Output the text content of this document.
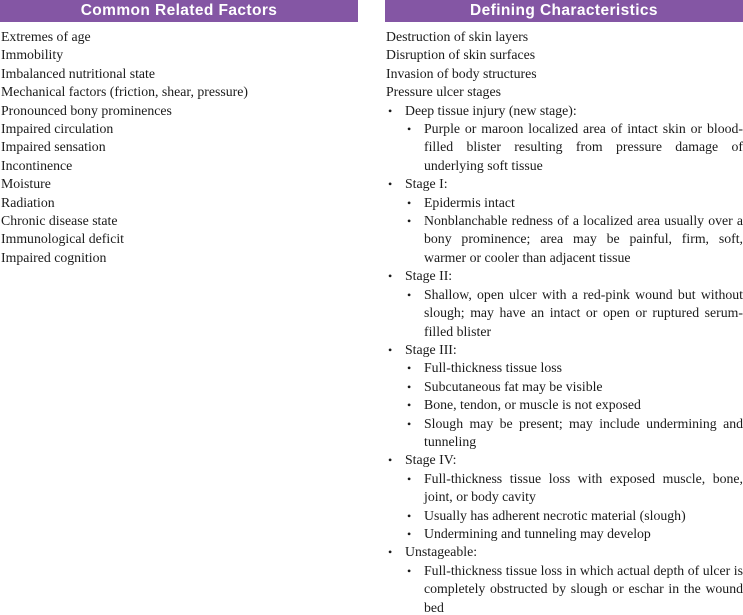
Common Related Factors
Extremes of age
Immobility
Imbalanced nutritional state
Mechanical factors (friction, shear, pressure)
Pronounced bony prominences
Impaired circulation
Impaired sensation
Incontinence
Moisture
Radiation
Chronic disease state
Immunological deficit
Impaired cognition
Defining Characteristics
Destruction of skin layers
Disruption of skin surfaces
Invasion of body structures
Pressure ulcer stages
• Deep tissue injury (new stage):
• Purple or maroon localized area of intact skin or blood-filled blister resulting from pressure damage of underlying soft tissue
• Stage I:
• Epidermis intact
• Nonblanchable redness of a localized area usually over a bony prominence; area may be painful, firm, soft, warmer or cooler than adjacent tissue
• Stage II:
• Shallow, open ulcer with a red-pink wound but without slough; may have an intact or open or ruptured serum-filled blister
• Stage III:
• Full-thickness tissue loss
• Subcutaneous fat may be visible
• Bone, tendon, or muscle is not exposed
• Slough may be present; may include undermining and tunneling
• Stage IV:
• Full-thickness tissue loss with exposed muscle, bone, joint, or body cavity
• Usually has adherent necrotic material (slough)
• Undermining and tunneling may develop
• Unstageable:
• Full-thickness tissue loss in which actual depth of ulcer is completely obstructed by slough or eschar in the wound bed
